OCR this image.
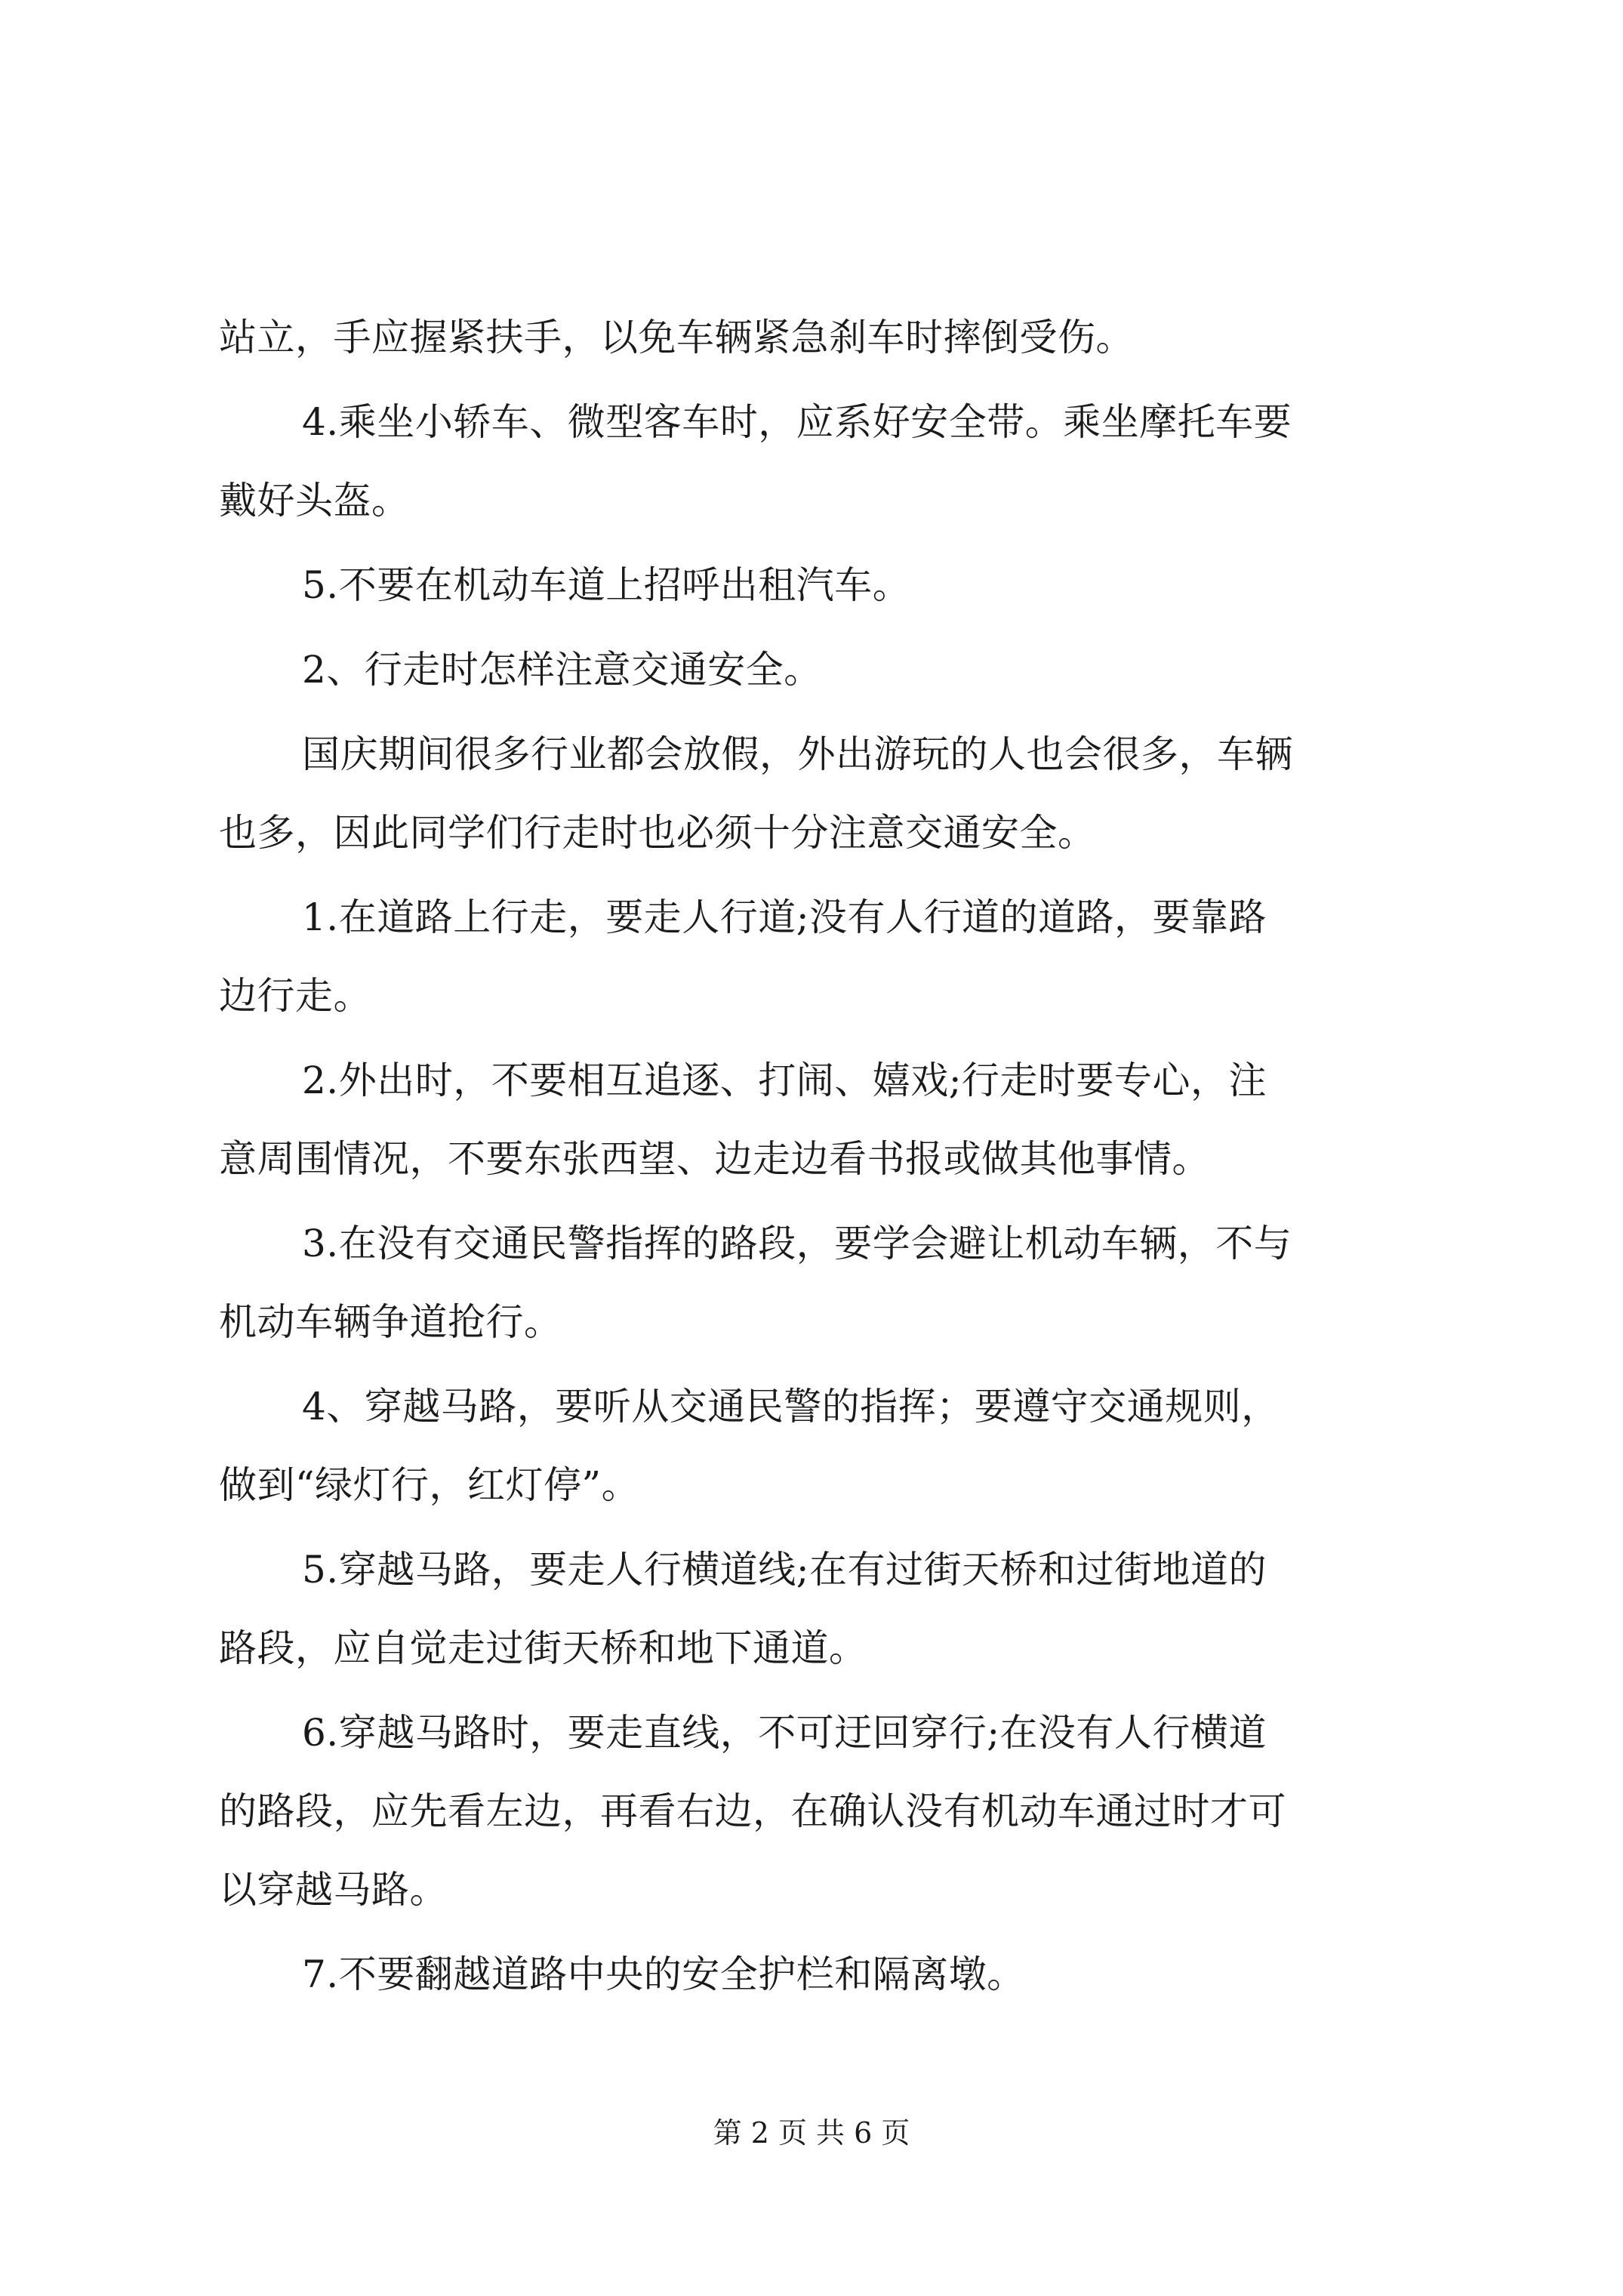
站立，手应握紧扶手，以免车辆紧急刹车时摔倒受伤。
4.乘坐小轿车、微型客车时，应系好安全带。乘坐摩托车要
戴好头盔。
5.不要在机动车道上招呼出租汽车。
2、行走时怎样注意交通安全。
国庆期间很多行业都会放假，外出游玩的人也会很多，车辆
也多，因此同学们行走时也必须十分注意交通安全。
1.在道路上行走，要走人行道;没有人行道的道路，要靠路
边行走。
2.外出时，不要相互追逐、打闹、嬉戏;行走时要专心，注
意周围情况，不要东张西望、边走边看书报或做其他事情。
3.在没有交通民警指挥的路段，要学会避让机动车辆，不与
机动车辆争道抢行。
4、穿越马路，要听从交通民警的指挥；要遵守交通规则，
做到“绿灯行，红灯停”。
5.穿越马路，要走人行横道线;在有过街天桥和过街地道的
路段，应自觉走过街天桥和地下通道。
6.穿越马路时，要走直线，不可迂回穿行;在没有人行横道
的路段，应先看左边，再看右边，在确认没有机动车通过时才可
以穿越马路。
7.不要翻越道路中央的安全护栏和隔离墩。
第 2 页 共 6 页
